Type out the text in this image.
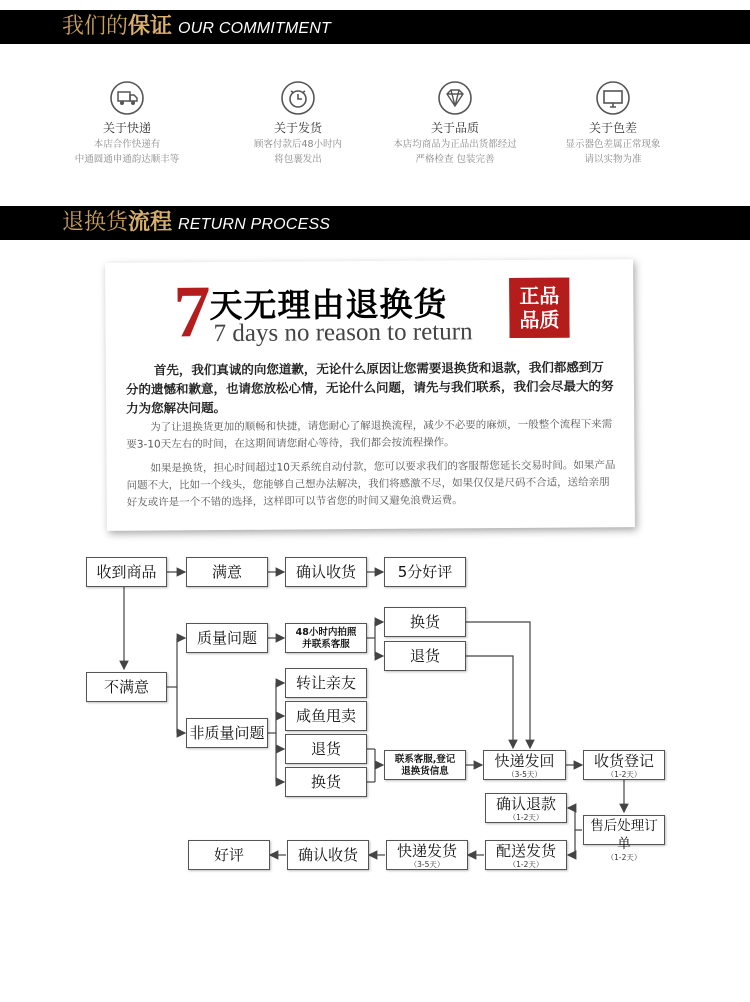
我们的保证 OUR COMMITMENT
关于快递
本店合作快递有
中通圆通申通韵达顺丰等
关于发货
顾客付款后48小时内
将包裹发出
关于品质
本店均商品为正品出货都经过
严格检查 包装完善
关于色差
显示器色差属正常现象
请以实物为准
退换货流程 RETURN PROCESS
7
天无理由退换货
7 days no reason to return
正品
品质
首先，我们真诚的向您道歉，无论什么原因让您需要退换货和退款，我们都感到万分的遗憾和歉意，也请您放松心情，无论什么问题，请先与我们联系，我们会尽最大的努力为您解决问题。
为了让退换货更加的顺畅和快捷，请您耐心了解退换流程，减少不必要的麻烦，一般整个流程下来需要3-10天左右的时间，在这期间请您耐心等待，我们都会按流程操作。
如果是换货，担心时间超过10天系统自动付款，您可以要求我们的客服帮您延长交易时间。如果产品问题不大，比如一个线头，您能够自己想办法解决，我们将感激不尽，如果仅仅是尺码不合适，送给亲朋好友或许是一个不错的选择，这样即可以节省您的时间又避免浪费运费。
收到商品	满意	确认收货	5分好评
不满意
质量问题	48小时内拍照
并联系客服
换货
退货
非质量问题
转让亲友
咸鱼甩卖
退货
换货
联系客服,登记
退换货信息
快递发回
（3-5天）
收货登记
（1-2天）
售后处理订单
（1-2天）
确认退款
（1-2天）
配送发货
（1-2天）
快递发货
（3-5天）
确认收货
好评
